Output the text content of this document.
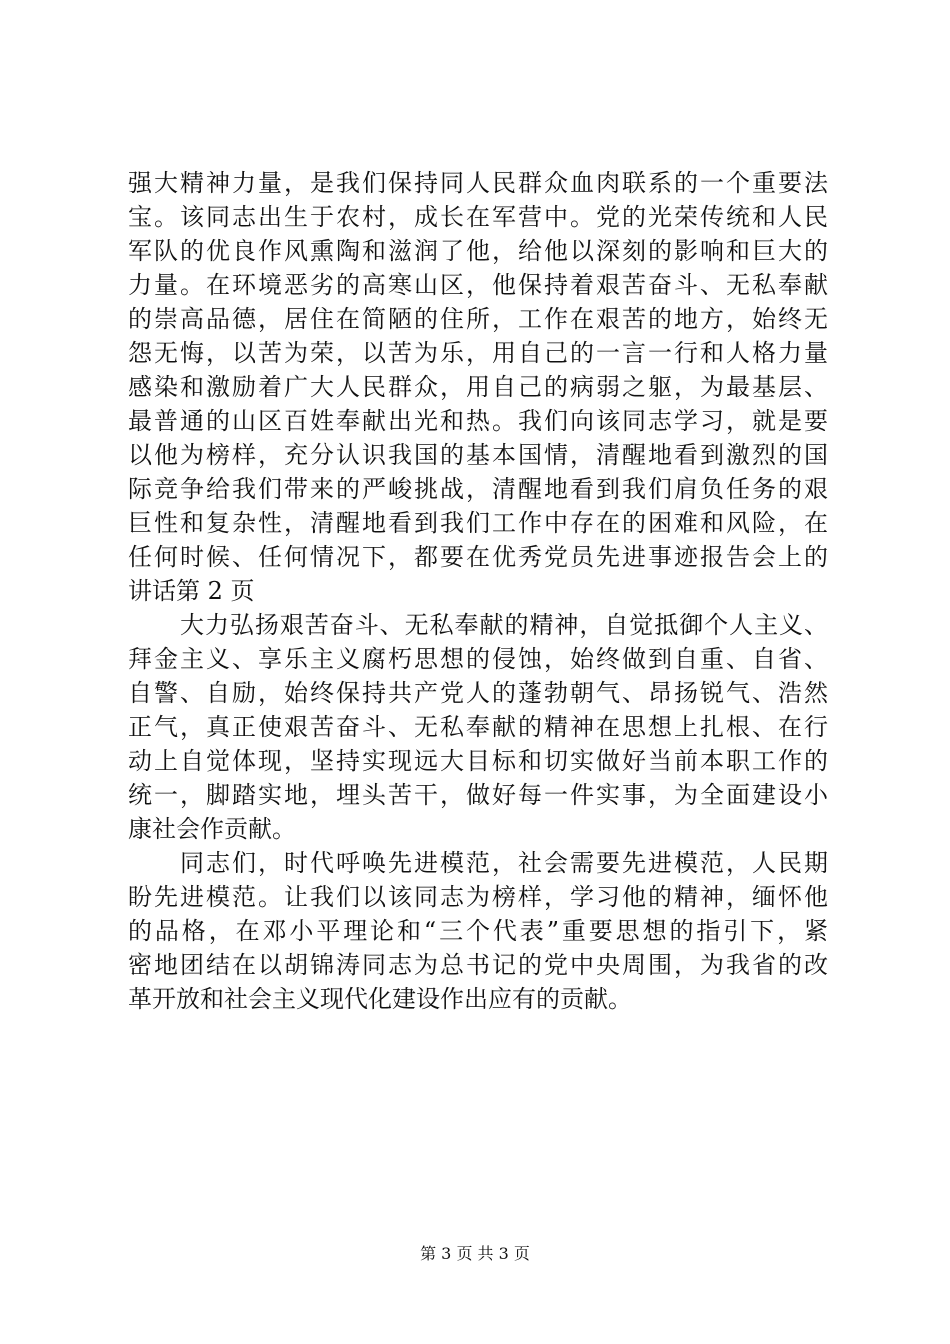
强大精神力量，是我们保持同人民群众血肉联系的一个重要法
宝。该同志出生于农村，成长在军营中。党的光荣传统和人民
军队的优良作风熏陶和滋润了他，给他以深刻的影响和巨大的
力量。在环境恶劣的高寒山区，他保持着艰苦奋斗、无私奉献
的崇高品德，居住在简陋的住所，工作在艰苦的地方，始终无
怨无悔，以苦为荣，以苦为乐，用自己的一言一行和人格力量
感染和激励着广大人民群众，用自己的病弱之躯，为最基层、
最普通的山区百姓奉献出光和热。我们向该同志学习，就是要
以他为榜样，充分认识我国的基本国情，清醒地看到激烈的国
际竞争给我们带来的严峻挑战，清醒地看到我们肩负任务的艰
巨性和复杂性，清醒地看到我们工作中存在的困难和风险，在
任何时候、任何情况下，都要在优秀党员先进事迹报告会上的
讲话第 2 页
大力弘扬艰苦奋斗、无私奉献的精神，自觉抵御个人主义、
拜金主义、享乐主义腐朽思想的侵蚀，始终做到自重、自省、
自警、自励，始终保持共产党人的蓬勃朝气、昂扬锐气、浩然
正气，真正使艰苦奋斗、无私奉献的精神在思想上扎根、在行
动上自觉体现，坚持实现远大目标和切实做好当前本职工作的
统一，脚踏实地，埋头苦干，做好每一件实事，为全面建设小
康社会作贡献。
同志们，时代呼唤先进模范，社会需要先进模范，人民期
盼先进模范。让我们以该同志为榜样，学习他的精神，缅怀他
的品格，在邓小平理论和“三个代表”重要思想的指引下，紧
密地团结在以胡锦涛同志为总书记的党中央周围，为我省的改
革开放和社会主义现代化建设作出应有的贡献。
第 3 页 共 3 页
